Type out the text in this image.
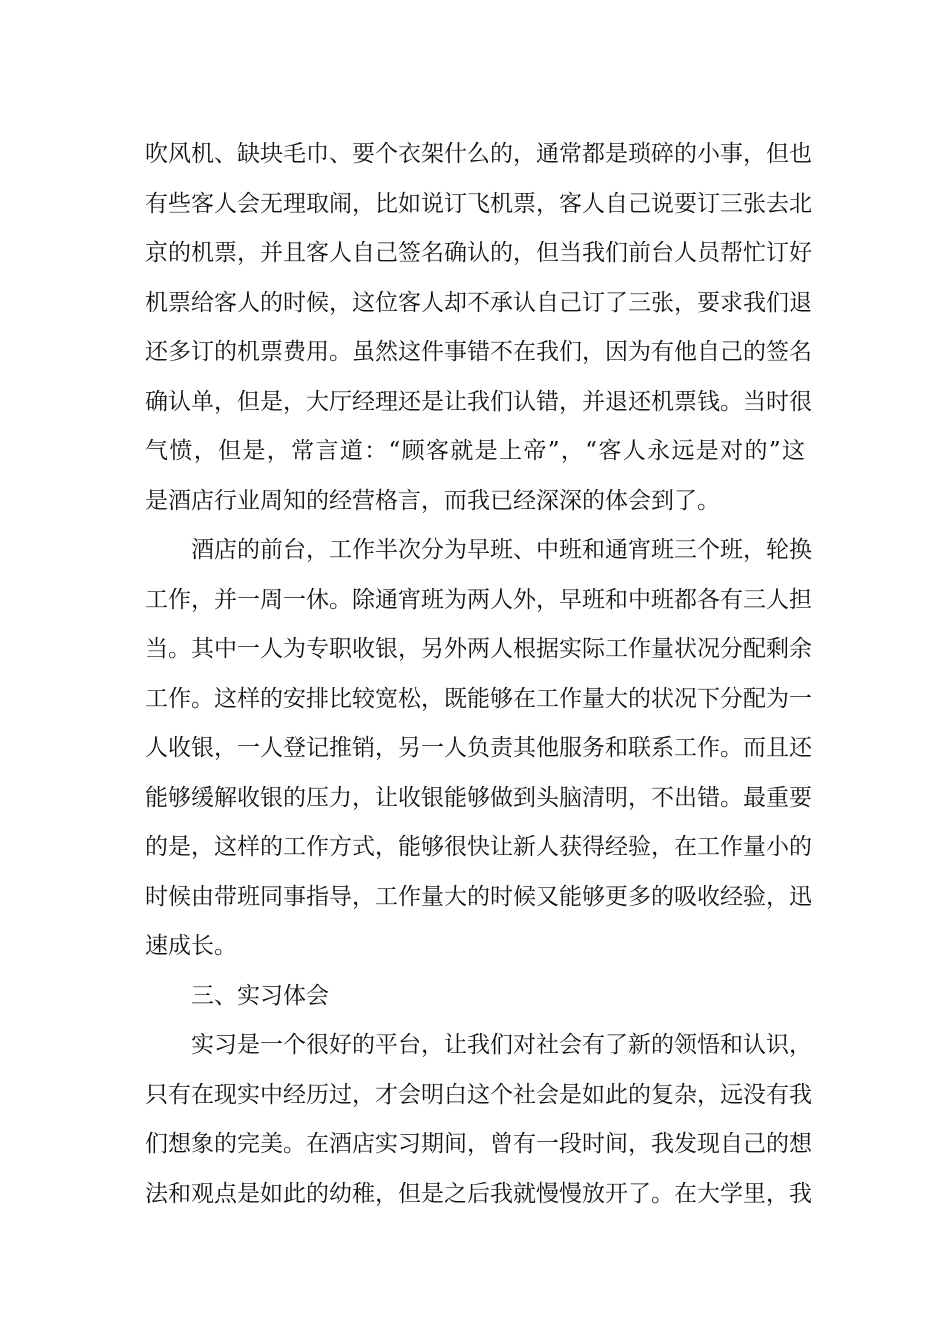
吹风机、缺块毛巾、要个衣架什么的，通常都是琐碎的小事，但也
有些客人会无理取闹，比如说订飞机票，客人自己说要订三张去北
京的机票，并且客人自己签名确认的，但当我们前台人员帮忙订好
机票给客人的时候，这位客人却不承认自己订了三张，要求我们退
还多订的机票费用。虽然这件事错不在我们，因为有他自己的签名
确认单，但是，大厅经理还是让我们认错，并退还机票钱。当时很
气愤，但是，常言道：“顾客就是上帝”，“客人永远是对的”这
是酒店行业周知的经营格言，而我已经深深的体会到了。
酒店的前台，工作半次分为早班、中班和通宵班三个班，轮换
工作，并一周一休。除通宵班为两人外，早班和中班都各有三人担
当。其中一人为专职收银，另外两人根据实际工作量状况分配剩余
工作。这样的安排比较宽松，既能够在工作量大的状况下分配为一
人收银，一人登记推销，另一人负责其他服务和联系工作。而且还
能够缓解收银的压力，让收银能够做到头脑清明，不出错。最重要
的是，这样的工作方式，能够很快让新人获得经验，在工作量小的
时候由带班同事指导，工作量大的时候又能够更多的吸收经验，迅
速成长。
三、实习体会
实习是一个很好的平台，让我们对社会有了新的领悟和认识，
只有在现实中经历过，才会明白这个社会是如此的复杂，远没有我
们想象的完美。在酒店实习期间，曾有一段时间，我发现自己的想
法和观点是如此的幼稚，但是之后我就慢慢放开了。在大学里，我
